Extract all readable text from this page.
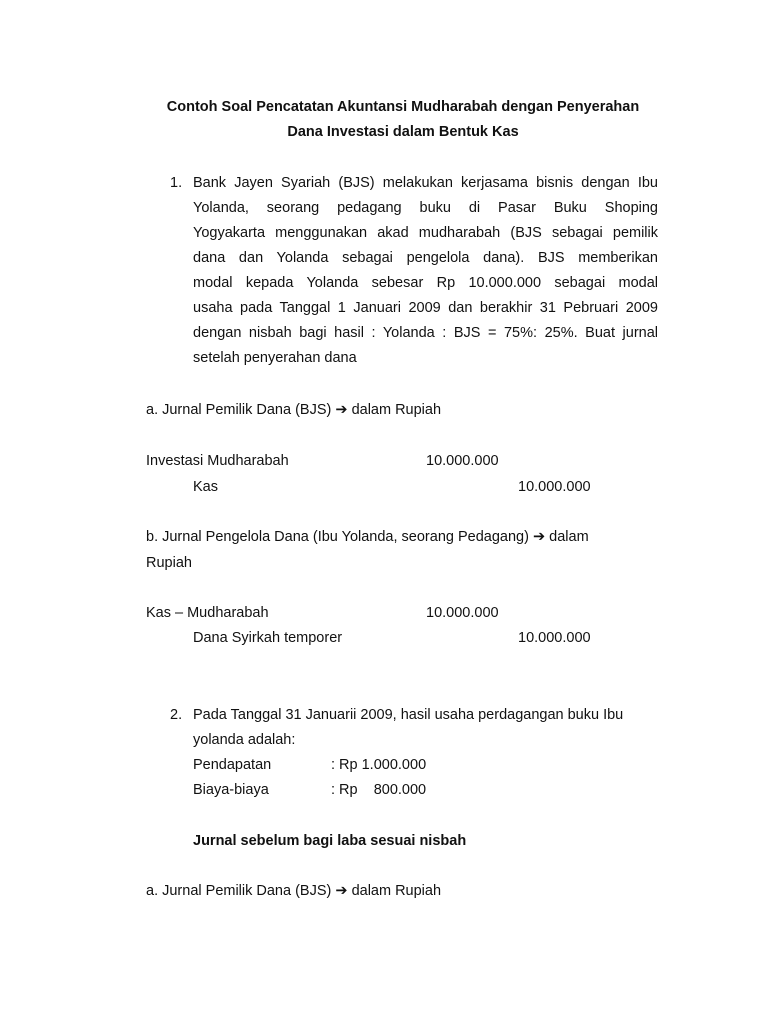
Contoh Soal Pencatatan Akuntansi Mudharabah dengan Penyerahan
Dana Investasi dalam Bentuk Kas
1. Bank Jayen Syariah (BJS) melakukan kerjasama bisnis dengan Ibu
Yolanda, seorang pedagang buku di Pasar Buku Shoping
Yogyakarta menggunakan akad mudharabah (BJS sebagai pemilik
dana dan Yolanda sebagai pengelola dana). BJS memberikan
modal kepada Yolanda sebesar Rp 10.000.000 sebagai modal
usaha pada Tanggal 1 Januari 2009 dan berakhir 31 Pebruari 2009
dengan nisbah bagi hasil : Yolanda : BJS = 75%: 25%. Buat jurnal
setelah penyerahan dana
a. Jurnal Pemilik Dana (BJS) ➔ dalam Rupiah
Investasi Mudharabah	10.000.000
Kas	10.000.000
b. Jurnal Pengelola Dana (Ibu Yolanda, seorang Pedagang) ➔ dalam
Rupiah
Kas – Mudharabah	10.000.000
Dana Syirkah temporer	10.000.000
2. Pada Tanggal 31 Januarii 2009, hasil usaha perdagangan buku Ibu
yolanda adalah:
Pendapatan	: Rp 1.000.000
Biaya-biaya	: Rp    800.000
Jurnal sebelum bagi laba sesuai nisbah
a. Jurnal Pemilik Dana (BJS) ➔ dalam Rupiah
